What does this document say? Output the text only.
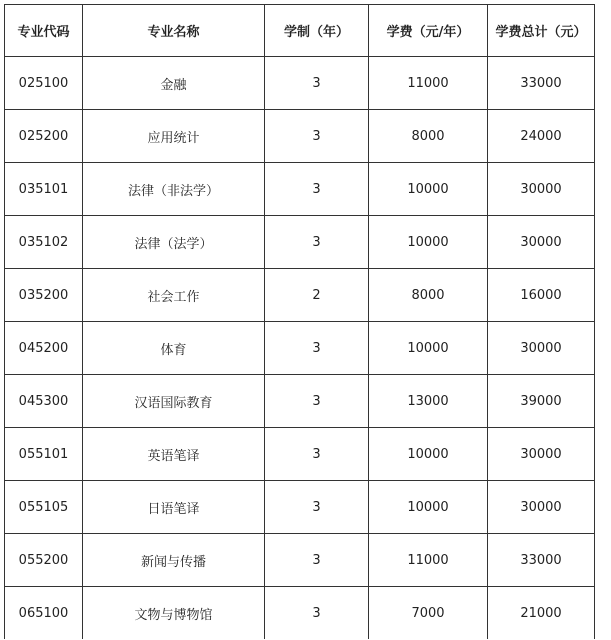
专业代码	专业名称	学制（年）	学费（元/年）	学费总计（元）
025100	金融	3	11000	33000
025200	应用统计	3	8000	24000
035101	法律（非法学）	3	10000	30000
035102	法律（法学）	3	10000	30000
035200	社会工作	2	8000	16000
045200	体育	3	10000	30000
045300	汉语国际教育	3	13000	39000
055101	英语笔译	3	10000	30000
055105	日语笔译	3	10000	30000
055200	新闻与传播	3	11000	33000
065100	文物与博物馆	3	7000	21000
